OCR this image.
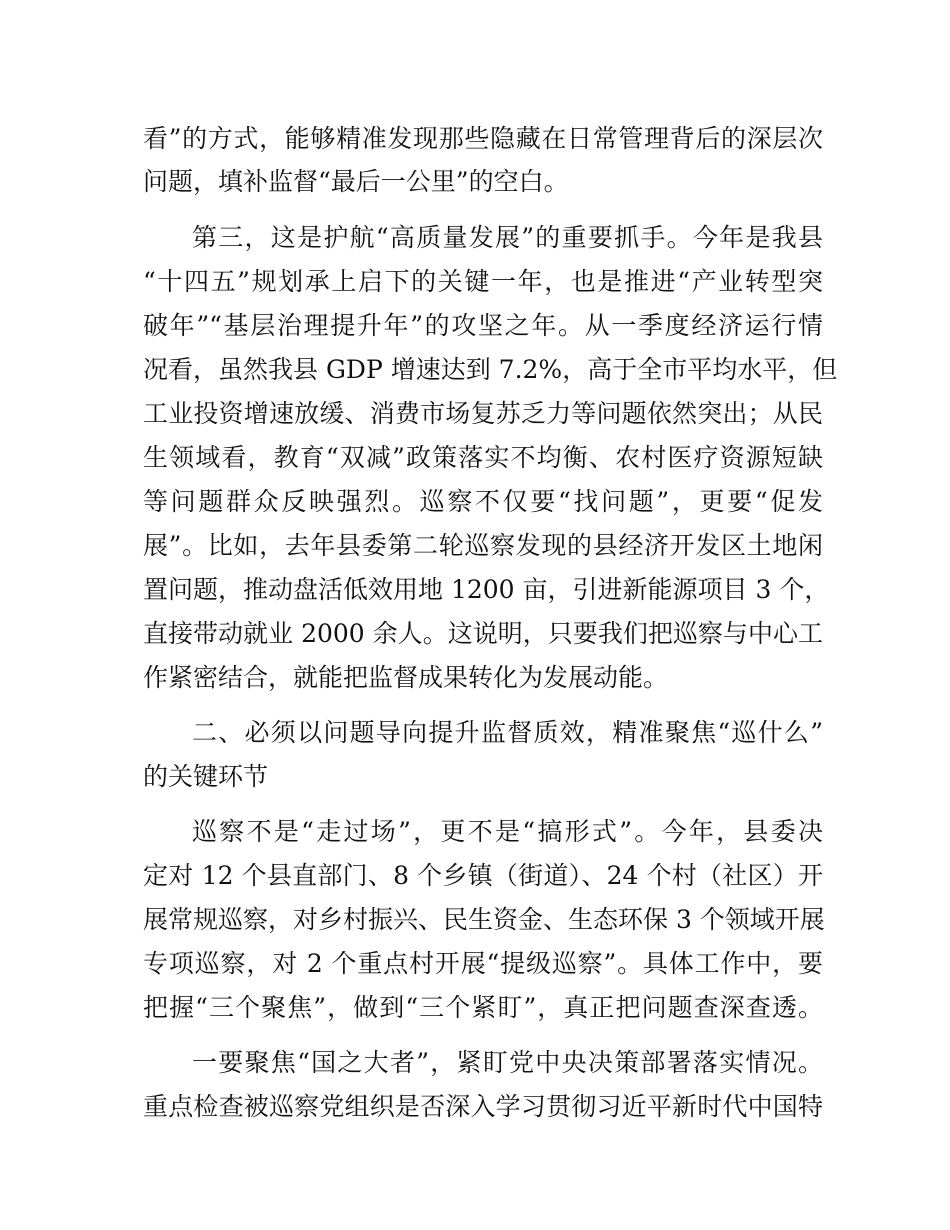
看”的方式，能够精准发现那些隐藏在日常管理背后的深层次
问题，填补监督“最后一公里”的空白。
第三，这是护航“高质量发展”的重要抓手。今年是我县
“十四五”规划承上启下的关键一年，也是推进“产业转型突
破年”“基层治理提升年”的攻坚之年。从一季度经济运行情
况看，虽然我县 GDP 增速达到 7.2%，高于全市平均水平，但
工业投资增速放缓、消费市场复苏乏力等问题依然突出；从民
生领域看，教育“双减”政策落实不均衡、农村医疗资源短缺
等问题群众反映强烈。巡察不仅要“找问题”，更要“促发
展”。比如，去年县委第二轮巡察发现的县经济开发区土地闲
置问题，推动盘活低效用地 1200 亩，引进新能源项目 3 个，
直接带动就业 2000 余人。这说明，只要我们把巡察与中心工
作紧密结合，就能把监督成果转化为发展动能。
二、必须以问题导向提升监督质效，精准聚焦“巡什么”
的关键环节
巡察不是“走过场”，更不是“搞形式”。今年，县委决
定对 12 个县直部门、8 个乡镇（街道）、24 个村（社区）开
展常规巡察，对乡村振兴、民生资金、生态环保 3 个领域开展
专项巡察，对 2 个重点村开展“提级巡察”。具体工作中，要
把握“三个聚焦”，做到“三个紧盯”，真正把问题查深查透。
一要聚焦“国之大者”，紧盯党中央决策部署落实情况。
重点检查被巡察党组织是否深入学习贯彻习近平新时代中国特
